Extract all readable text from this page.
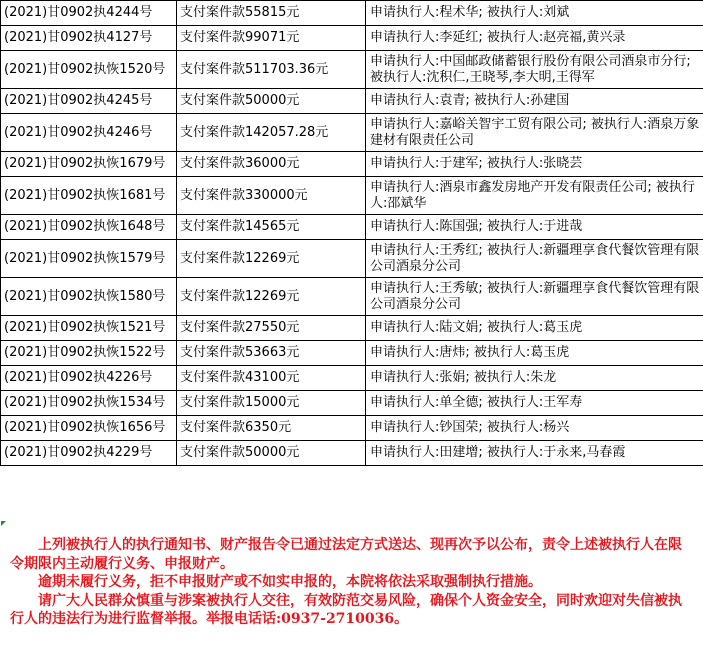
(2021)甘0902执4244号	支付案件款55815元	申请执行人:程术华; 被执行人:刘斌
(2021)甘0902执4127号	支付案件款99071元	申请执行人:李延红; 被执行人:赵亮福,黄兴录
(2021)甘0902执恢1520号	支付案件款511703.36元	申请执行人:中国邮政储蓄银行股份有限公司酒泉市分行; 被执行人:沈积仁,王晓琴,李大明,王得军
(2021)甘0902执4245号	支付案件款50000元	申请执行人:袁青; 被执行人:孙建国
(2021)甘0902执4246号	支付案件款142057.28元	申请执行人:嘉峪关智宇工贸有限公司; 被执行人:酒泉万象建材有限责任公司
(2021)甘0902执恢1679号	支付案件款36000元	申请执行人:于建军; 被执行人:张晓芸
(2021)甘0902执恢1681号	支付案件款330000元	申请执行人:酒泉市鑫发房地产开发有限责任公司; 被执行人:邵斌华
(2021)甘0902执恢1648号	支付案件款14565元	申请执行人:陈国强; 被执行人:于进哉
(2021)甘0902执恢1579号	支付案件款12269元	申请执行人:王秀红; 被执行人:新疆理享食代餐饮管理有限公司酒泉分公司
(2021)甘0902执恢1580号	支付案件款12269元	申请执行人:王秀敏; 被执行人:新疆理享食代餐饮管理有限公司酒泉分公司
(2021)甘0902执恢1521号	支付案件款27550元	申请执行人:陆文娟; 被执行人:葛玉虎
(2021)甘0902执恢1522号	支付案件款53663元	申请执行人:唐炜; 被执行人:葛玉虎
(2021)甘0902执4226号	支付案件款43100元	申请执行人:张娟; 被执行人:朱龙
(2021)甘0902执恢1534号	支付案件款15000元	申请执行人:单全德; 被执行人:王军寿
(2021)甘0902执恢1656号	支付案件款6350元	申请执行人:钞国荣; 被执行人:杨兴
(2021)甘0902执4229号	支付案件款50000元	申请执行人:田建增; 被执行人:于永来,马春霞

  上列被执行人的执行通知书、财产报告令已通过法定方式送达、现再次予以公布，责令上述被执行人在限令期限内主动履行义务、申报财产。

  逾期未履行义务，拒不申报财产或不如实申报的，本院将依法采取强制执行措施。

  请广大人民群众慎重与涉案被执行人交往，有效防范交易风险，确保个人资金安全，同时欢迎对失信被执行人的违法行为进行监督举报。举报电话话:0937-2710036。
